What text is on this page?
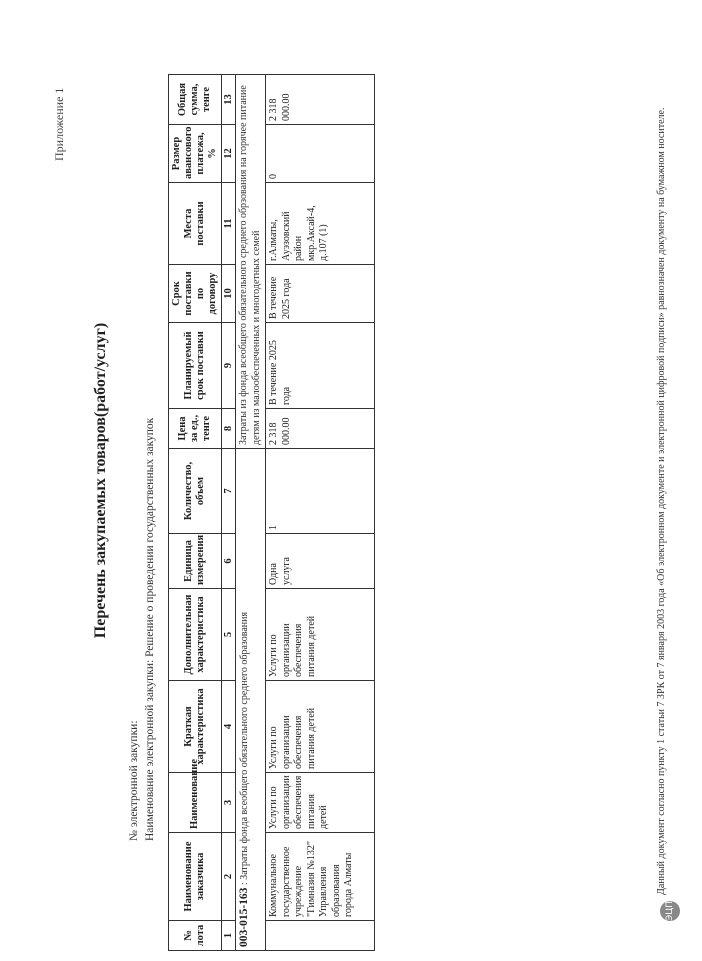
Приложение 1
Перечень закупаемых товаров(работ/услуг)
№ электронной закупки: Наименование электронной закупки: Решение о проведении государственных закупок
№ лота	Наименование заказчика	Наименование	Краткая характеристика	Дополнительная характеристика	Единица измерения	Количество, объем	Цена за ед., тенге	Планируемый срок поставки	Срок поставки по договору	Места поставки	Размер авансового платежа, %	Общая сумма, тенге
1	2	3	4	5	6	7	8	9	10	11	12	13
003-015-163 : Затраты фонда всеобщего обязательного среднего образования							Затраты из фонда всеобщего обязательного среднего обрзования на горячее питание детям из малообеспеченных и многодетных семей					
	Коммунальное государственное учреждение "Гимназия №132" Управления образования города Алматы	Услуги по организации обеспечения питания детей	Услуги по организации обеспечения питания детей	Услуги по организации обеспечения питания детей	Одна услуга	1	2 318 000.00	В течение 2025 года	В течение 2025 года	г.Алматы, Ауэзовский район мкр.Аксай-4, д.107 (1)	0	2 318 000.00
ЭЦП
Данный документ согласно пункту 1 статьи 7 ЗРК от 7 января 2003 года «Об электронном документе и электронной цифровой подписи» равнозначен документу на бумажном носителе.
